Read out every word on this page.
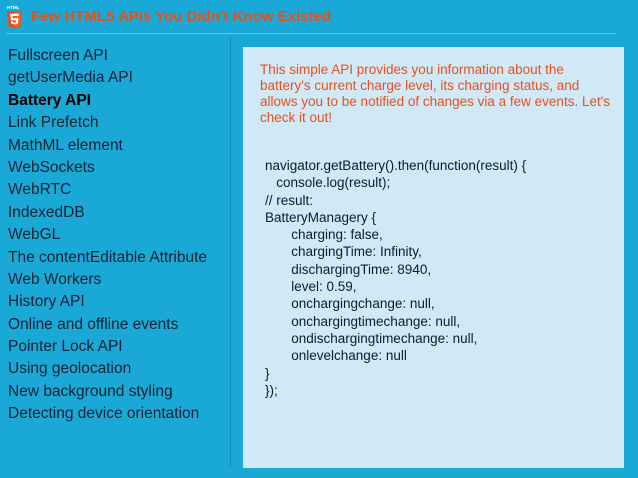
HTML
Few HTML5 APIs You Didn't Know Existed
Fullscreen API
getUserMedia API
Battery API
Link Prefetch
MathML element
WebSockets
WebRTC
IndexedDB
WebGL
The contentEditable Attribute
Web Workers
History API
Online and offline events
Pointer Lock API
Using geolocation
New background styling
Detecting device orientation

This simple API provides you information about the battery's current charge level, its charging status, and allows you to be notified of changes via a few events. Let's check it out!

navigator.getBattery().then(function(result) {
console.log(result);
// result:
BatteryManagery {
charging: false,
chargingTime: Infinity,
dischargingTime: 8940,
level: 0.59,
onchargingchange: null,
onchargingtimechange: null,
ondischargingtimechange: null,
onlevelchange: null
}
});
